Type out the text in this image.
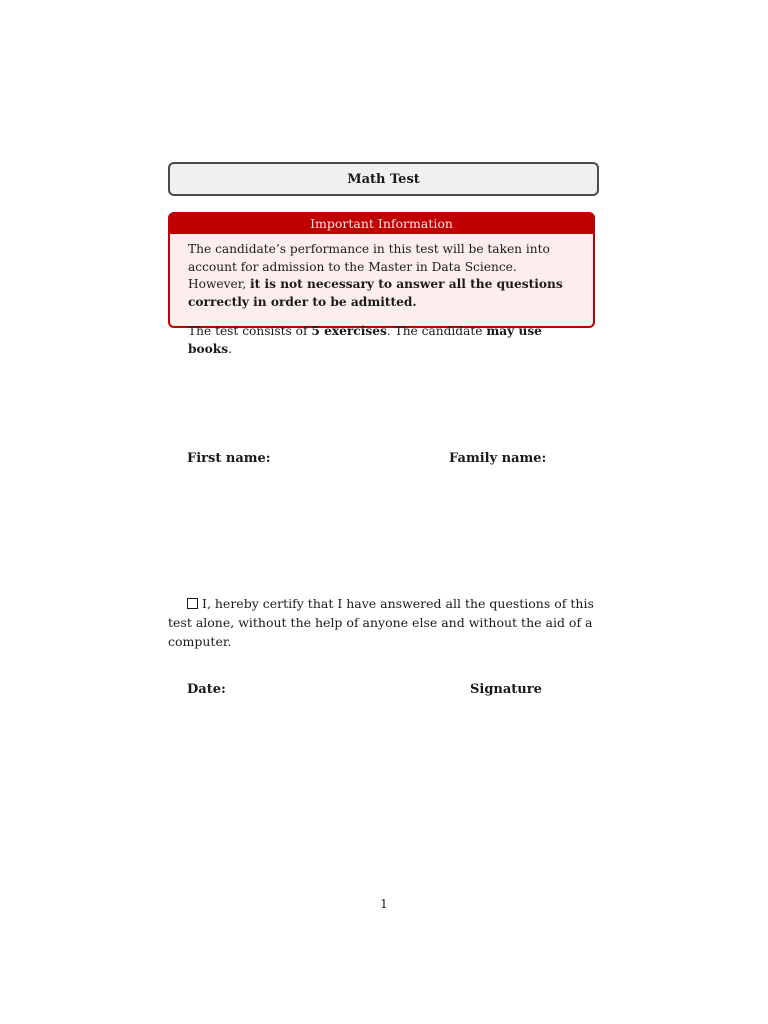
Math Test
Important Information

The candidate’s performance in this test will be taken into account for admission to the Master in Data Science. However, it is not necessary to answer all the questions correctly in order to be admitted.

The test consists of 5 exercises. The candidate may use books.

First name:	Family name:
I, hereby certify that I have answered all the questions of this test alone, without the help of anyone else and without the aid of a computer.
Date:	Signature
1
